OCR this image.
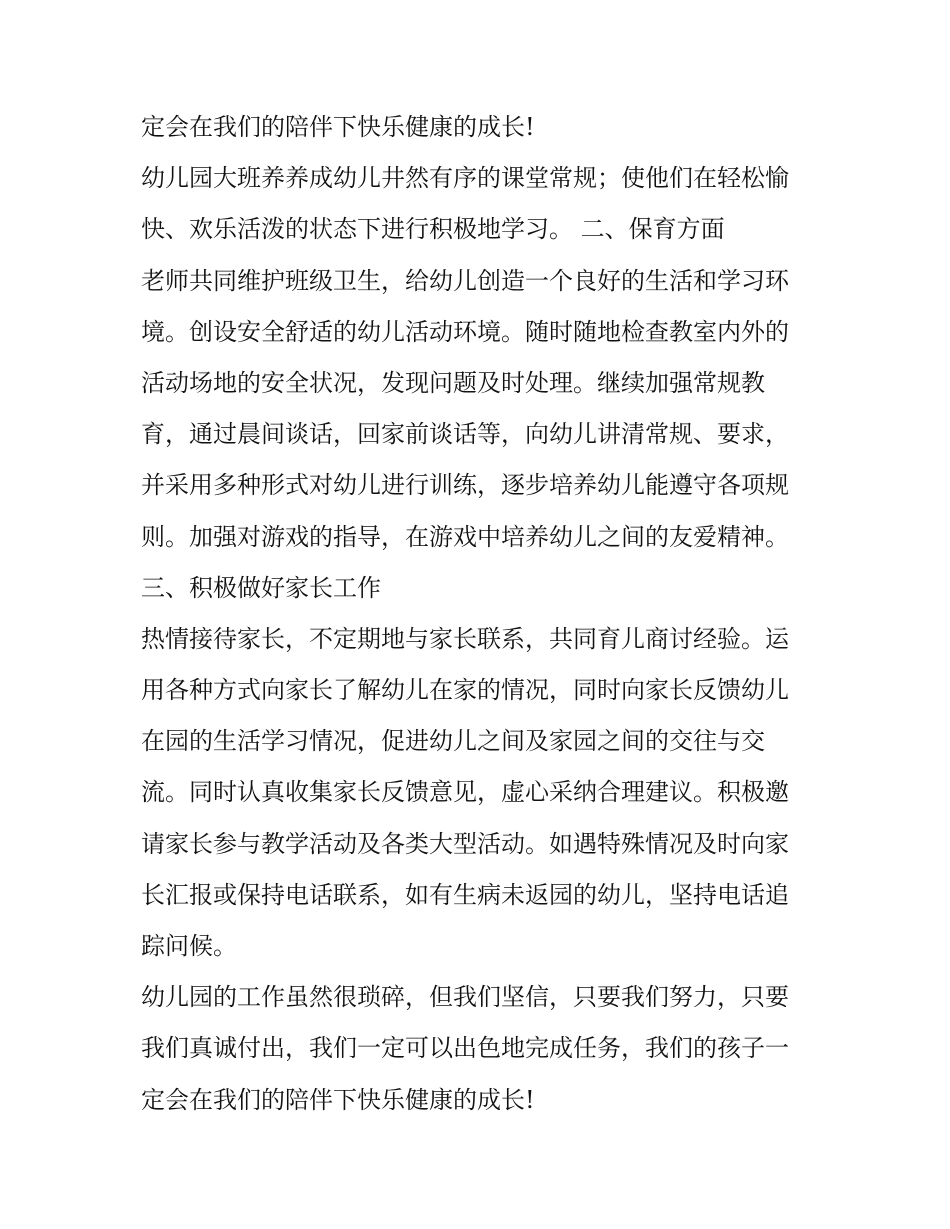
定会在我们的陪伴下快乐健康的成长!
幼儿园大班养养成幼儿井然有序的课堂常规；使他们在轻松愉
快、欢乐活泼的状态下进行积极地学习。 二、保育方面
老师共同维护班级卫生，给幼儿创造一个良好的生活和学习环
境。创设安全舒适的幼儿活动环境。随时随地检查教室内外的
活动场地的安全状况，发现问题及时处理。继续加强常规教
育，通过晨间谈话，回家前谈话等，向幼儿讲清常规、要求，
并采用多种形式对幼儿进行训练，逐步培养幼儿能遵守各项规
则。加强对游戏的指导，在游戏中培养幼儿之间的友爱精神。
三、积极做好家长工作
热情接待家长，不定期地与家长联系，共同育儿商讨经验。运
用各种方式向家长了解幼儿在家的情况，同时向家长反馈幼儿
在园的生活学习情况，促进幼儿之间及家园之间的交往与交
流。同时认真收集家长反馈意见，虚心采纳合理建议。积极邀
请家长参与教学活动及各类大型活动。如遇特殊情况及时向家
长汇报或保持电话联系，如有生病未返园的幼儿，坚持电话追
踪问候。
幼儿园的工作虽然很琐碎，但我们坚信，只要我们努力，只要
我们真诚付出，我们一定可以出色地完成任务，我们的孩子一
定会在我们的陪伴下快乐健康的成长!
